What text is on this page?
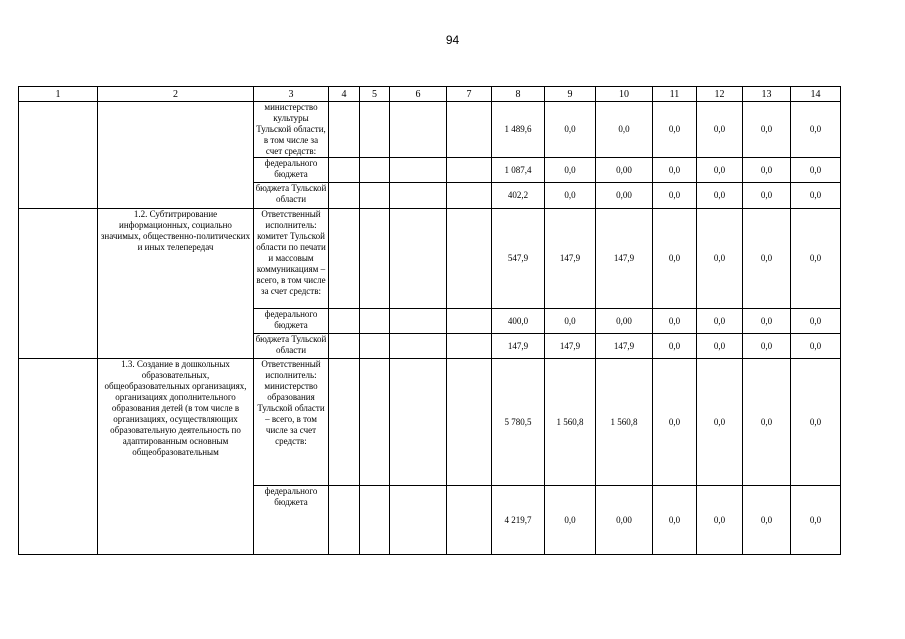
94
1	2	3	4	5	6	7	8	9	10	11	12	13	14
		министерство культуры Тульской области, в том числе за счет средств:					1 489,6	0,0	0,0	0,0	0,0	0,0	0,0
		федерального бюджета					1 087,4	0,0	0,00	0,0	0,0	0,0	0,0
		бюджета Тульской области					402,2	0,0	0,00	0,0	0,0	0,0	0,0
	1.2. Субтитрирование информационных, социально значимых, общественно-политических и иных телепередач	Ответственный исполнитель: комитет Тульской области по печати и массовым коммуникациям – всего, в том числе за счет средств:					547,9	147,9	147,9	0,0	0,0	0,0	0,0
		федерального бюджета					400,0	0,0	0,00	0,0	0,0	0,0	0,0
		бюджета Тульской области					147,9	147,9	147,9	0,0	0,0	0,0	0,0
	1.3. Создание в дошкольных образовательных, общеобразовательных организациях, организациях дополнительного образования детей (в том числе в организациях, осуществляющих образовательную деятельность по адаптированным основным общеобразовательным	Ответственный исполнитель: министерство образования Тульской области – всего, в том числе за счет средств:					5 780,5	1 560,8	1 560,8	0,0	0,0	0,0	0,0
		федерального бюджета					4 219,7	0,0	0,00	0,0	0,0	0,0	0,0
